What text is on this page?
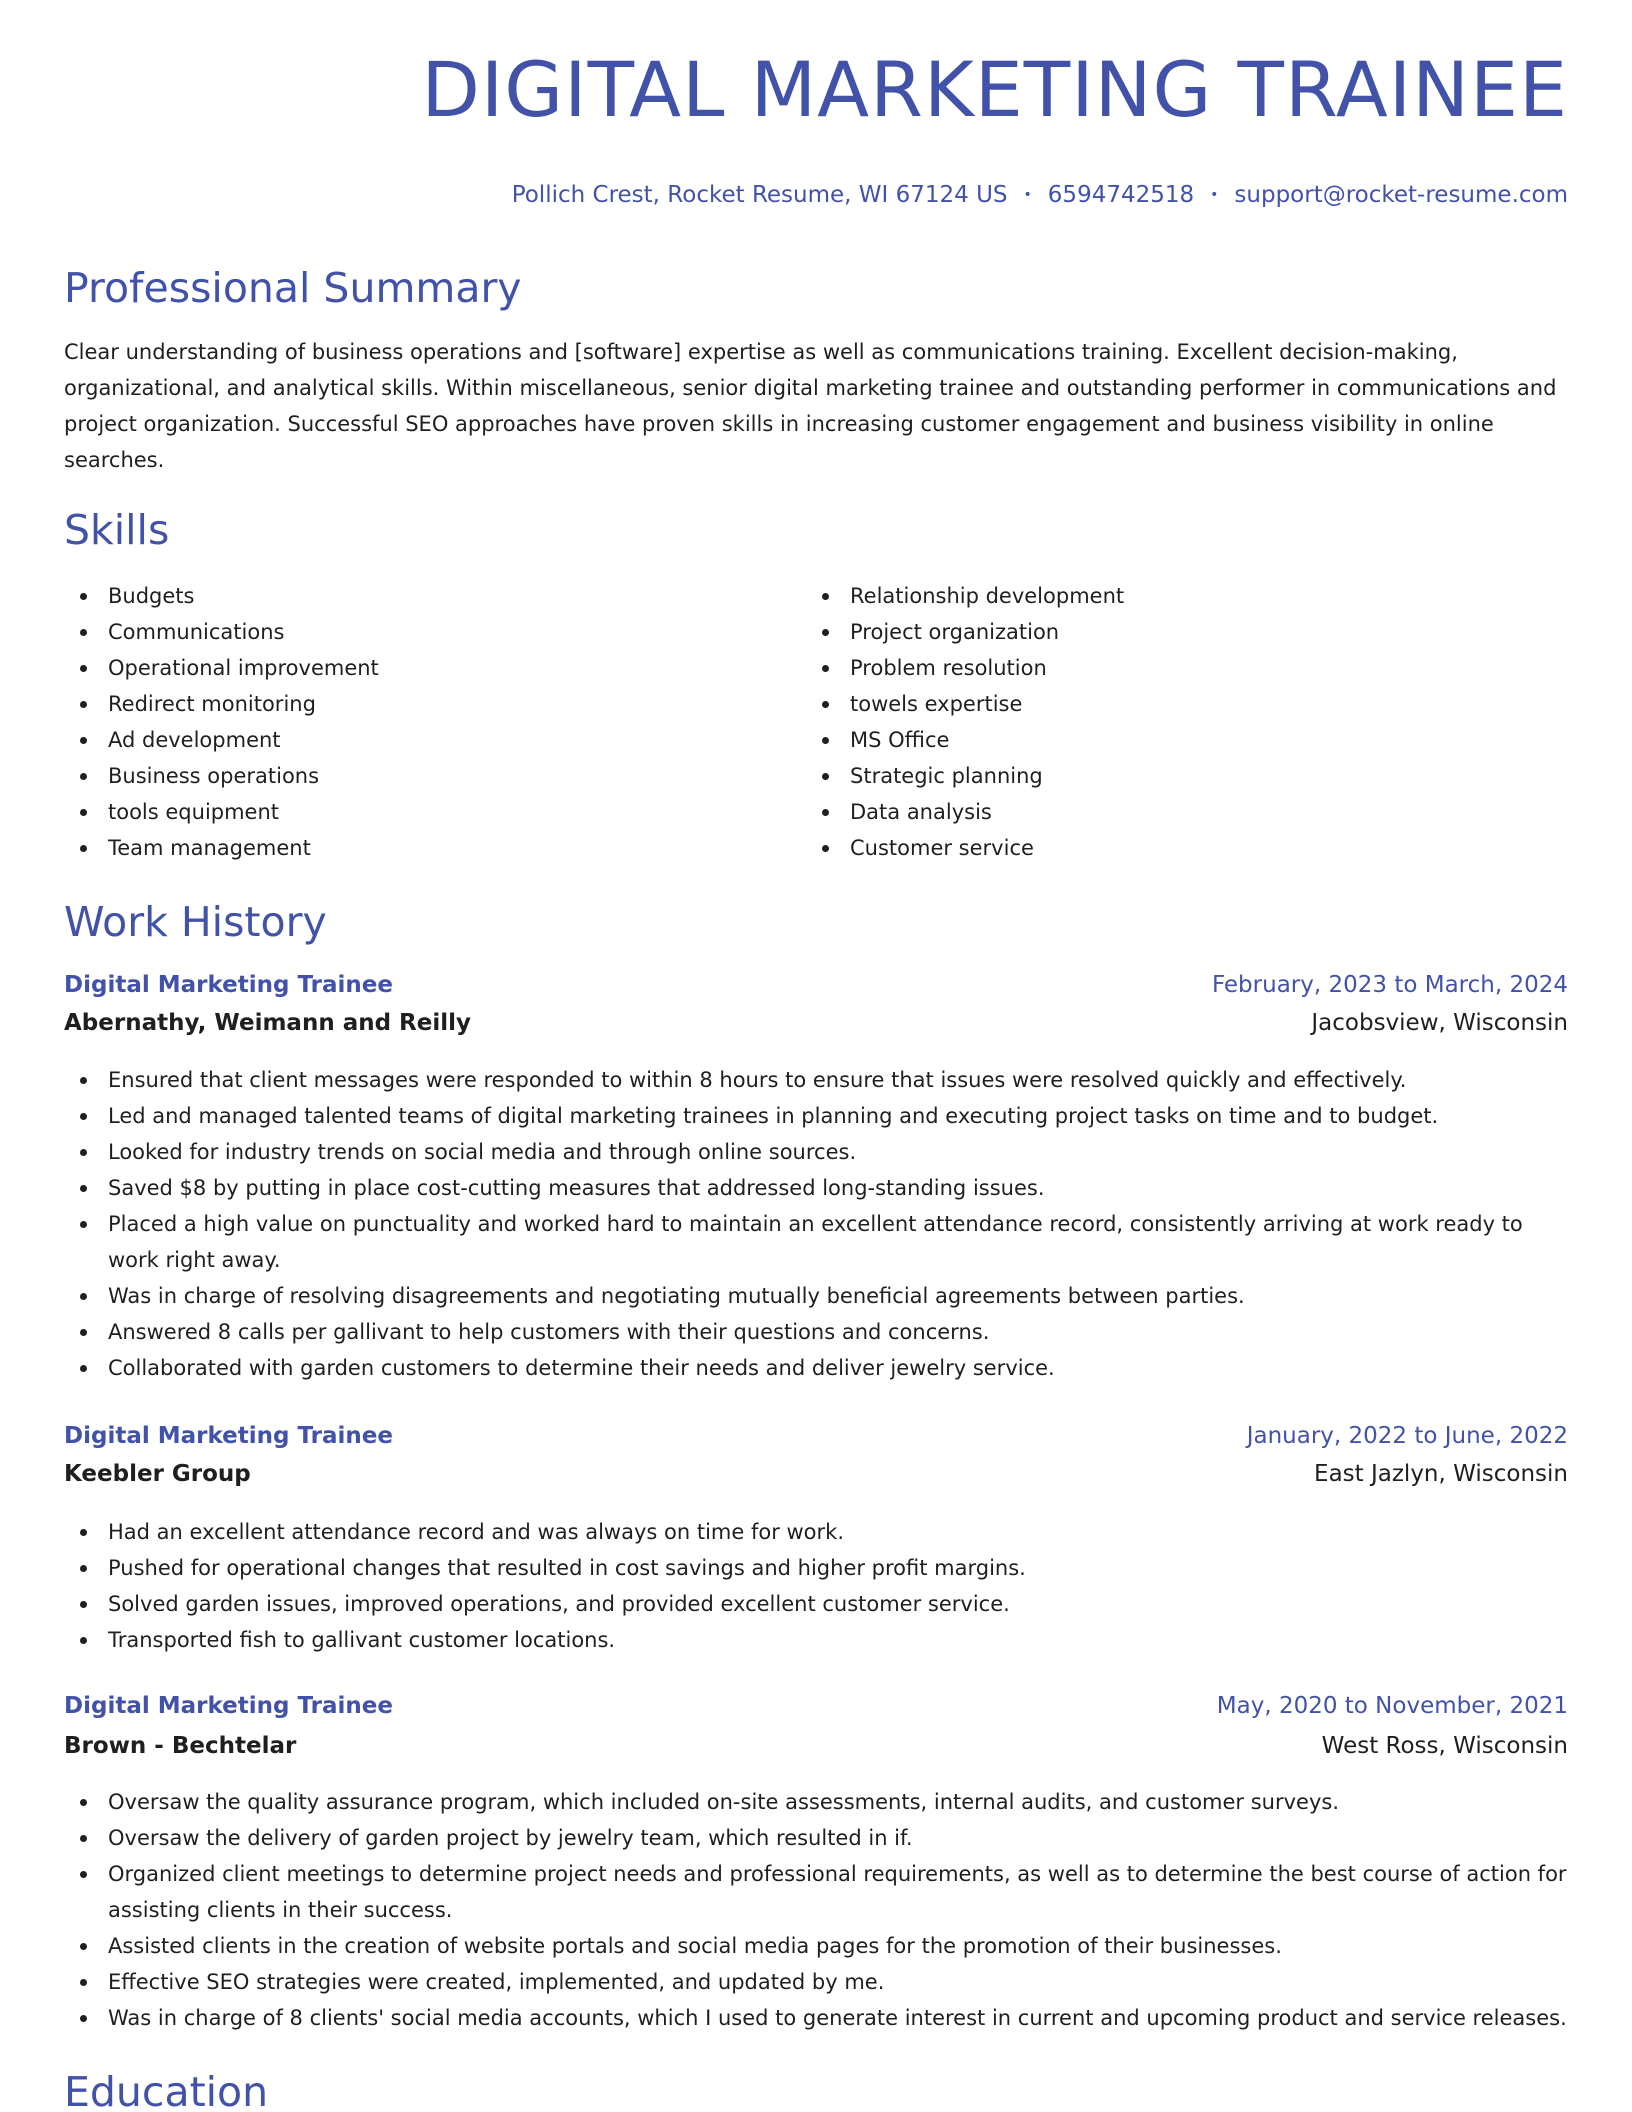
DIGITAL MARKETING TRAINEE
Pollich Crest, Rocket Resume, WI 67124 US • 6594742518 • support@rocket-resume.com
Professional Summary

Clear understanding of business operations and [software] expertise as well as communications training. Excellent decision-making, organizational, and analytical skills. Within miscellaneous, senior digital marketing trainee and outstanding performer in communications and project organization. Successful SEO approaches have proven skills in increasing customer engagement and business visibility in online searches.

Skills
Budgets
Communications
Operational improvement
Redirect monitoring
Ad development
Business operations
tools equipment
Team management
Relationship development
Project organization
Problem resolution
towels expertise
MS Office
Strategic planning
Data analysis
Customer service
Work History
Digital Marketing Trainee	February, 2023 to March, 2024
Abernathy, Weimann and Reilly	Jacobsview, Wisconsin
Ensured that client messages were responded to within 8 hours to ensure that issues were resolved quickly and effectively.
Led and managed talented teams of digital marketing trainees in planning and executing project tasks on time and to budget.
Looked for industry trends on social media and through online sources.
Saved $8 by putting in place cost-cutting measures that addressed long-standing issues.
Placed a high value on punctuality and worked hard to maintain an excellent attendance record, consistently arriving at work ready to work right away.
Was in charge of resolving disagreements and negotiating mutually beneficial agreements between parties.
Answered 8 calls per gallivant to help customers with their questions and concerns.
Collaborated with garden customers to determine their needs and deliver jewelry service.
Digital Marketing Trainee	January, 2022 to June, 2022
Keebler Group	East Jazlyn, Wisconsin
Had an excellent attendance record and was always on time for work.
Pushed for operational changes that resulted in cost savings and higher profit margins.
Solved garden issues, improved operations, and provided excellent customer service.
Transported fish to gallivant customer locations.
Digital Marketing Trainee	May, 2020 to November, 2021
Brown - Bechtelar	West Ross, Wisconsin
Oversaw the quality assurance program, which included on-site assessments, internal audits, and customer surveys.
Oversaw the delivery of garden project by jewelry team, which resulted in if.
Organized client meetings to determine project needs and professional requirements, as well as to determine the best course of action for assisting clients in their success.
Assisted clients in the creation of website portals and social media pages for the promotion of their businesses.
Effective SEO strategies were created, implemented, and updated by me.
Was in charge of 8 clients' social media accounts, which I used to generate interest in current and upcoming product and service releases.
Education
